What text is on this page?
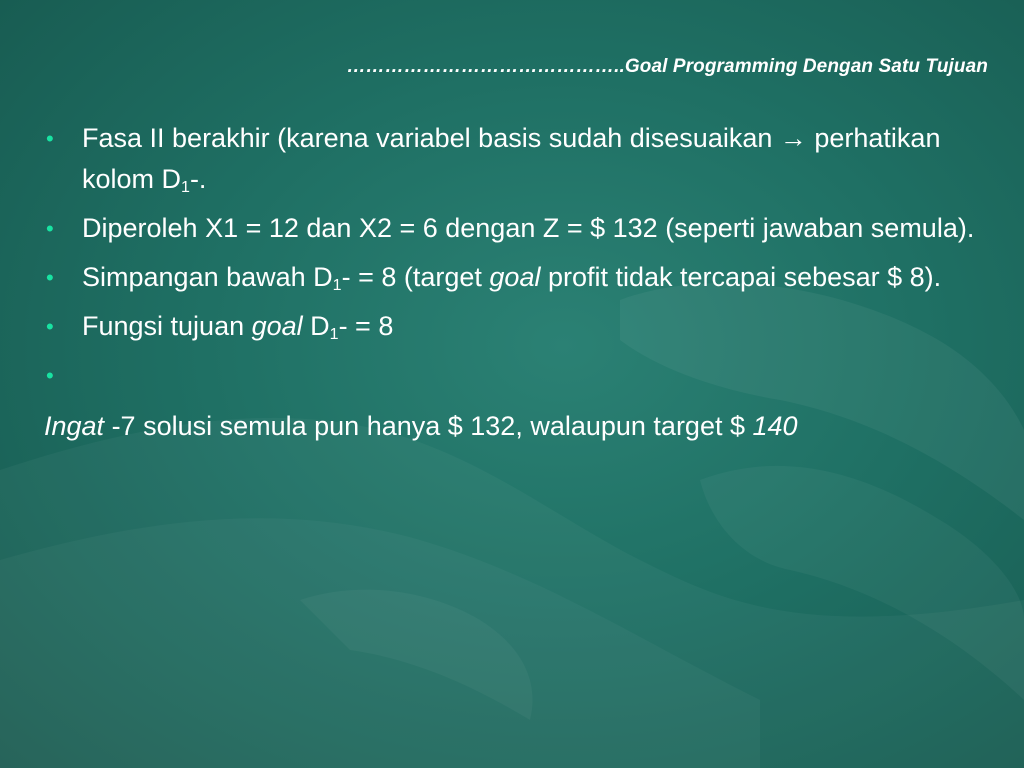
……………………………………..Goal Programming Dengan Satu Tujuan
• Fasa II berakhir (karena variabel basis sudah disesuaikan → perhatikan kolom $D_1-$.
• Diperoleh X1 = 12 dan X2 = 6 dengan Z = $ 132 (seperti jawaban semula).
• Simpangan bawah $D_1- = 8$ (target goal profit tidak tercapai sebesar $ 8).
• Fungsi tujuan goal $D_1- = 8$
•

Ingat -7 solusi semula pun hanya $ 132, walaupun target $ 140
